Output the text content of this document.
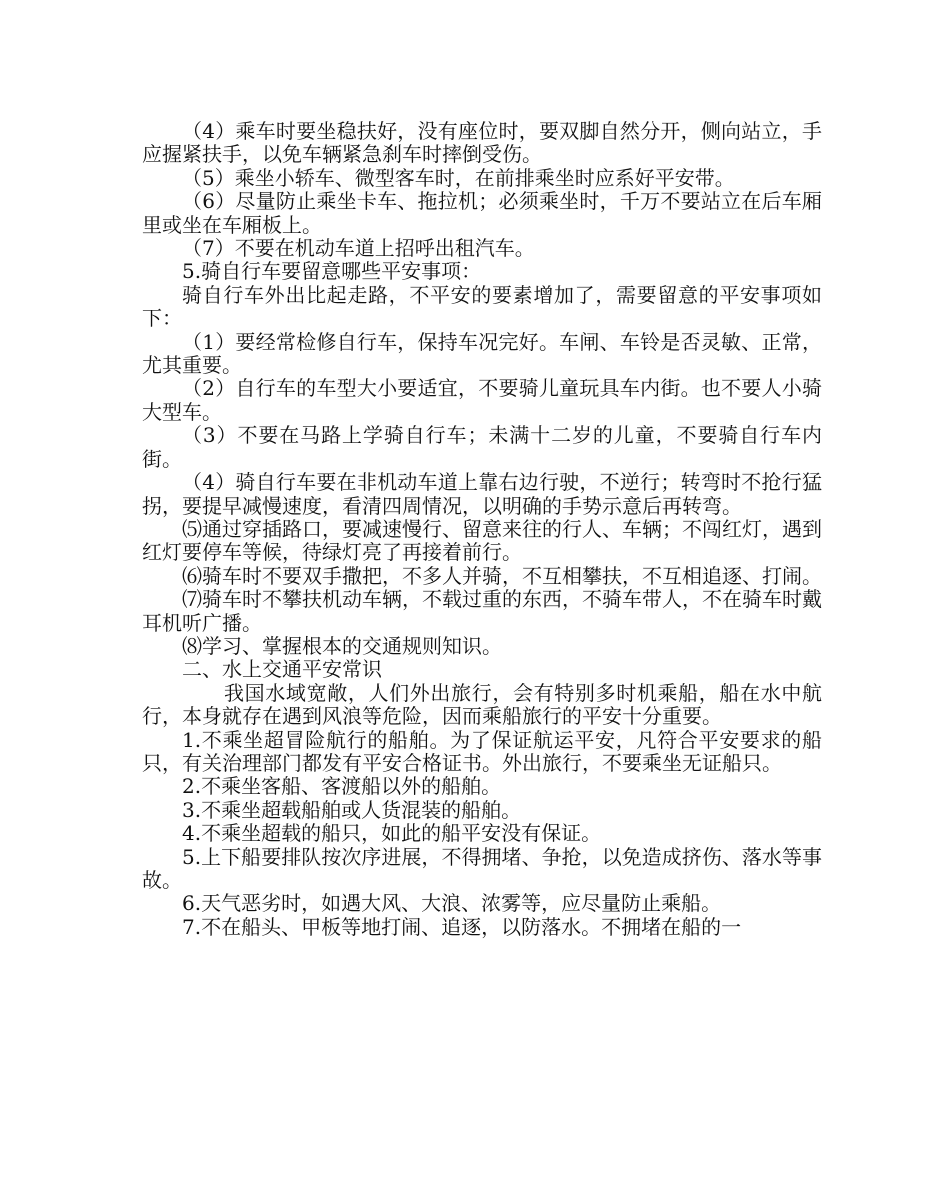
（4）乘车时要坐稳扶好，没有座位时，要双脚自然分开，侧向站立，手应握紧扶手，以免车辆紧急刹车时摔倒受伤。

（5）乘坐小轿车、微型客车时，在前排乘坐时应系好平安带。

（6）尽量防止乘坐卡车、拖拉机；必须乘坐时，千万不要站立在后车厢里或坐在车厢板上。

（7）不要在机动车道上招呼出租汽车。

5.骑自行车要留意哪些平安事项：

骑自行车外出比起走路，不平安的要素增加了，需要留意的平安事项如下：

（1）要经常检修自行车，保持车况完好。车闸、车铃是否灵敏、正常，尤其重要。

（2）自行车的车型大小要适宜，不要骑儿童玩具车内街。也不要人小骑大型车。

（3）不要在马路上学骑自行车；未满十二岁的儿童，不要骑自行车内街。

（4）骑自行车要在非机动车道上靠右边行驶，不逆行；转弯时不抢行猛拐，要提早减慢速度，看清四周情况，以明确的手势示意后再转弯。

⑸通过穿插路口，要减速慢行、留意来往的行人、车辆；不闯红灯，遇到红灯要停车等候，待绿灯亮了再接着前行。

⑹骑车时不要双手撒把，不多人并骑，不互相攀扶，不互相追逐、打闹。

⑺骑车时不攀扶机动车辆，不载过重的东西，不骑车带人，不在骑车时戴耳机听广播。

⑻学习、掌握根本的交通规则知识。

二、水上交通平安常识

我国水域宽敞，人们外出旅行，会有特别多时机乘船，船在水中航行，本身就存在遇到风浪等危险，因而乘船旅行的平安十分重要。

1.不乘坐超冒险航行的船舶。为了保证航运平安，凡符合平安要求的船只，有关治理部门都发有平安合格证书。外出旅行，不要乘坐无证船只。

2.不乘坐客船、客渡船以外的船舶。

3.不乘坐超载船舶或人货混装的船舶。

4.不乘坐超载的船只，如此的船平安没有保证。

5.上下船要排队按次序进展，不得拥堵、争抢，以免造成挤伤、落水等事故。

6.天气恶劣时，如遇大风、大浪、浓雾等，应尽量防止乘船。

7.不在船头、甲板等地打闹、追逐，以防落水。不拥堵在船的一
